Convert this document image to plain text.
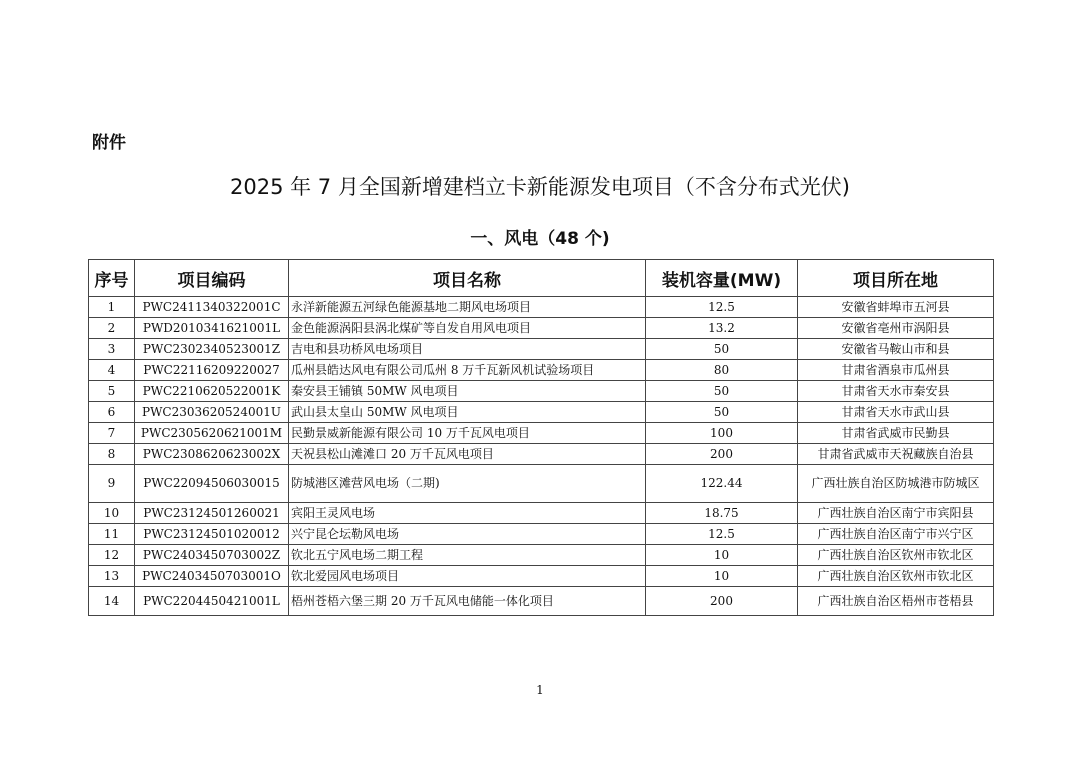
附件
2025 年 7 月全国新增建档立卡新能源发电项目（不含分布式光伏)
一、风电（48 个)
序号	项目编码	项目名称	装机容量(MW)	项目所在地
1	PWC2411340322001C	永洋新能源五河绿色能源基地二期风电场项目	12.5	安徽省蚌埠市五河县
2	PWD2010341621001L	金色能源涡阳县涡北煤矿等自发自用风电项目	13.2	安徽省亳州市涡阳县
3	PWC2302340523001Z	吉电和县功桥风电场项目	50	安徽省马鞍山市和县
4	PWC22116209220027	瓜州县皓达风电有限公司瓜州 8 万千瓦新风机试验场项目	80	甘肃省酒泉市瓜州县
5	PWC2210620522001K	秦安县王铺镇 50MW 风电项目	50	甘肃省天水市秦安县
6	PWC2303620524001U	武山县太皇山 50MW 风电项目	50	甘肃省天水市武山县
7	PWC2305620621001M	民勤景威新能源有限公司 10 万千瓦风电项目	100	甘肃省武威市民勤县
8	PWC2308620623002X	天祝县松山滩滩口 20 万千瓦风电项目	200	甘肃省武威市天祝藏族自治县
9	PWC22094506030015	防城港区滩营风电场（二期)	122.44	广西壮族自治区防城港市防城区
10	PWC23124501260021	宾阳王灵风电场	18.75	广西壮族自治区南宁市宾阳县
11	PWC23124501020012	兴宁昆仑坛勒风电场	12.5	广西壮族自治区南宁市兴宁区
12	PWC2403450703002Z	钦北五宁风电场二期工程	10	广西壮族自治区钦州市钦北区
13	PWC2403450703001O	钦北爱园风电场项目	10	广西壮族自治区钦州市钦北区
14	PWC2204450421001L	梧州苍梧六堡三期 20 万千瓦风电储能一体化项目	200	广西壮族自治区梧州市苍梧县
1
